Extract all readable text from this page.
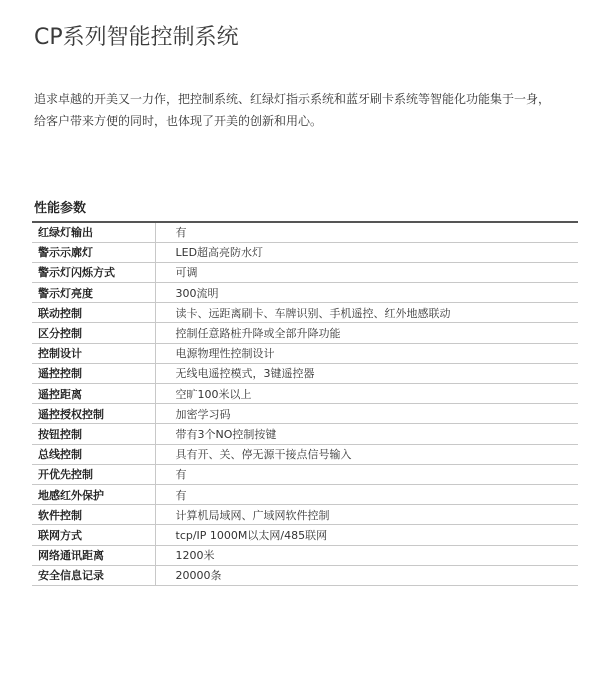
CP系列智能控制系统

追求卓越的开美又一力作，把控制系统、红绿灯指示系统和蓝牙刷卡系统等智能化功能集于一身，

给客户带来方便的同时，也体现了开美的创新和用心。

性能参数
红绿灯输出	有
警示示廓灯	LED超高亮防水灯
警示灯闪烁方式	可调
警示灯亮度	300流明
联动控制	读卡、远距离刷卡、车牌识别、手机遥控、红外地感联动
区分控制	控制任意路桩升降或全部升降功能
控制设计	电源物理性控制设计
遥控控制	无线电遥控模式，3键遥控器
遥控距离	空旷100米以上
遥控授权控制	加密学习码
按钮控制	带有3个NO控制按键
总线控制	具有开、关、停无源干接点信号输入
开优先控制	有
地感红外保护	有
软件控制	计算机局域网、广域网软件控制
联网方式	tcp/IP 1000M以太网/485联网
网络通讯距离	1200米
安全信息记录	20000条
